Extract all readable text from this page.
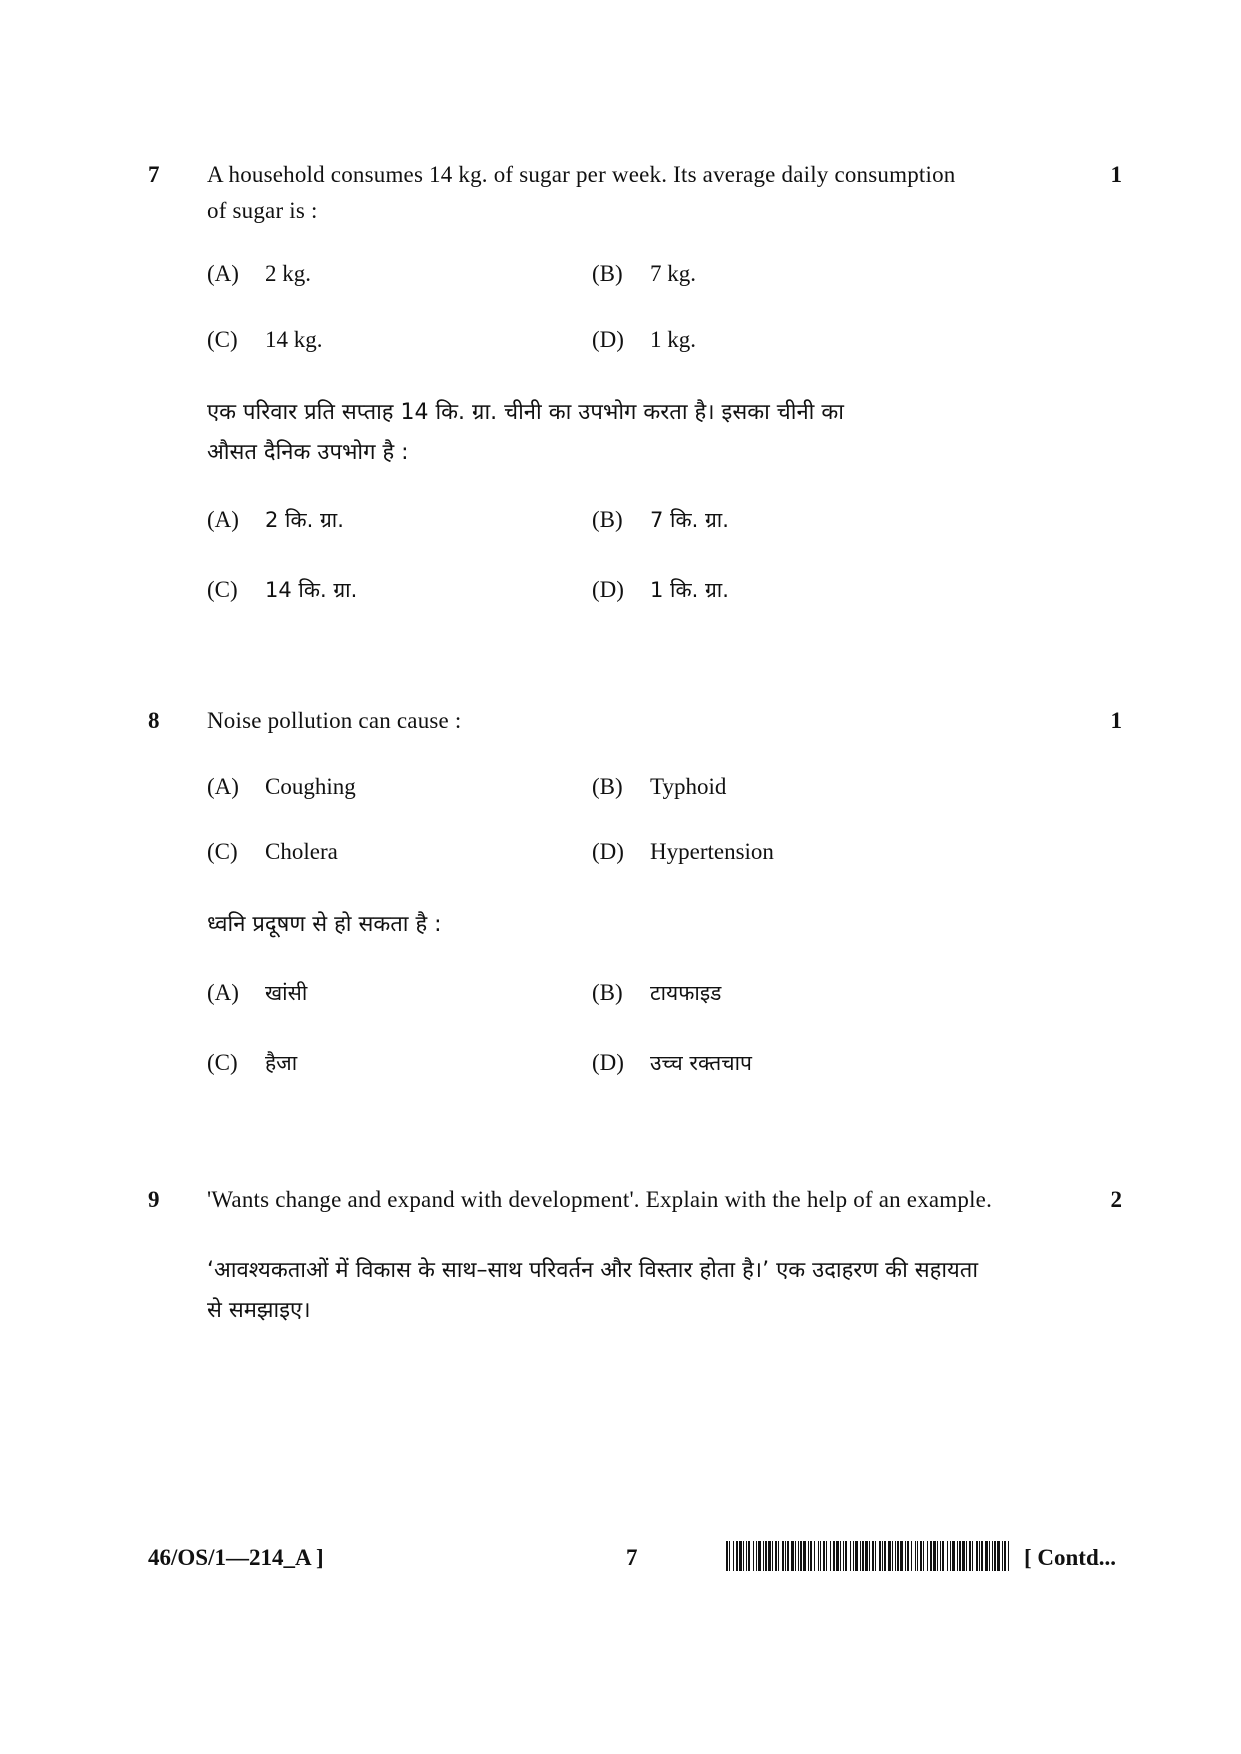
7 A household consumes 14 kg. of sugar per week. Its average daily consumption	1
of sugar is :
(A) 2 kg.	(B) 7 kg.
(C) 14 kg.	(D) 1 kg.
एक परिवार प्रति सप्ताह 14 कि. ग्रा. चीनी का उपभोग करता है। इसका चीनी का
औसत दैनिक उपभोग है :
(A) 2 कि. ग्रा.	(B) 7 कि. ग्रा.
(C) 14 कि. ग्रा.	(D) 1 कि. ग्रा.
8 Noise pollution can cause :	1
(A) Coughing	(B) Typhoid
(C) Cholera	(D) Hypertension
ध्वनि प्रदूषण से हो सकता है :
(A) खांसी	(B) टायफाइड
(C) हैजा	(D) उच्च रक्तचाप
9 'Wants change and expand with development'. Explain with the help of an example.	2
‘आवश्यकताओं में विकास के साथ–साथ परिवर्तन और विस्तार होता है।’ एक उदाहरण की सहायता
से समझाइए।
46/OS/1—214_A ]	7	[ Contd...
